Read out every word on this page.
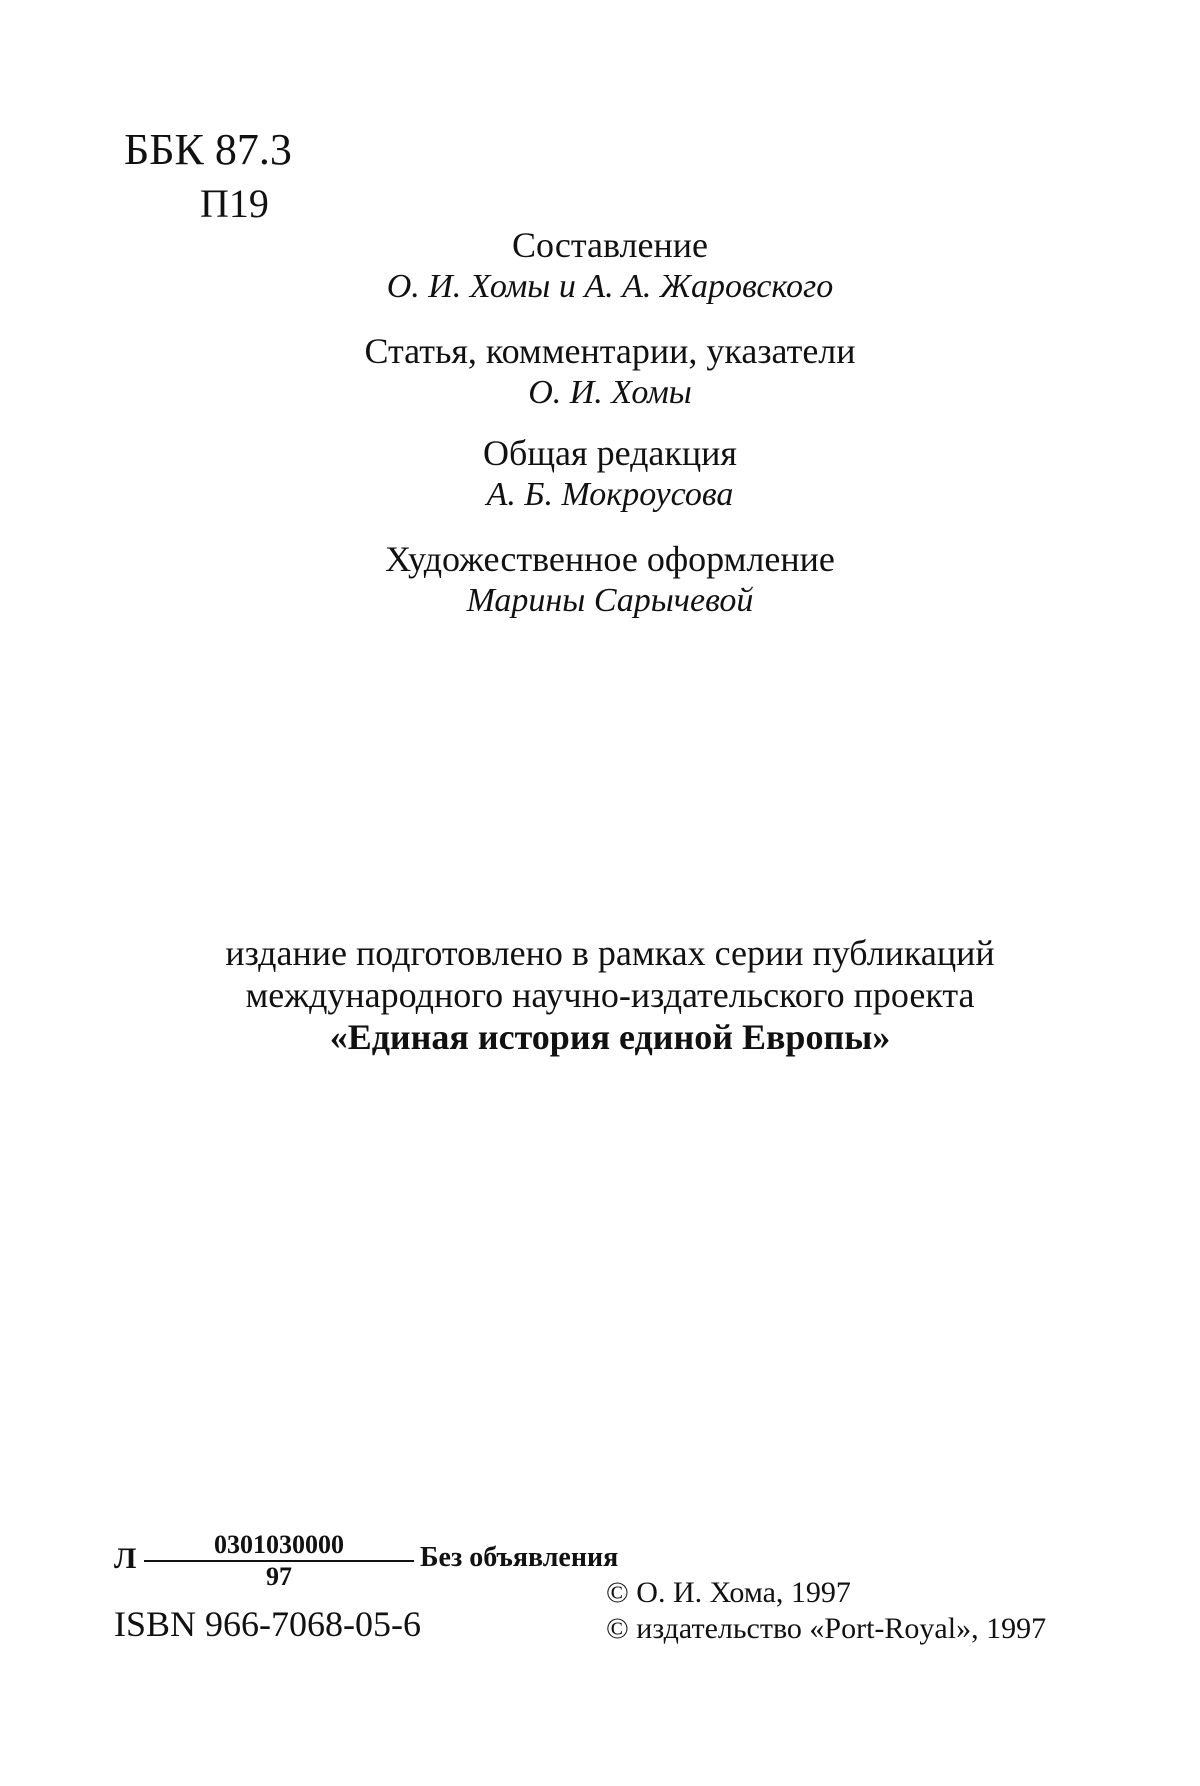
ББК 87.3
П19
Составление
О. И. Хомы и А. А. Жаровского
Статья, комментарии, указатели
О. И. Хомы
Общая редакция
А. Б. Мокроусова
Художественное оформление
Марины Сарычевой
издание подготовлено в рамках серии публикаций
международного научно-издательского проекта
«Единая история единой Европы»
Л $\frac{0301030000}{97}$ Без объявления
ISBN 966-7068-05-6
© О. И. Хома, 1997
© издательство «Port-Royal», 1997
